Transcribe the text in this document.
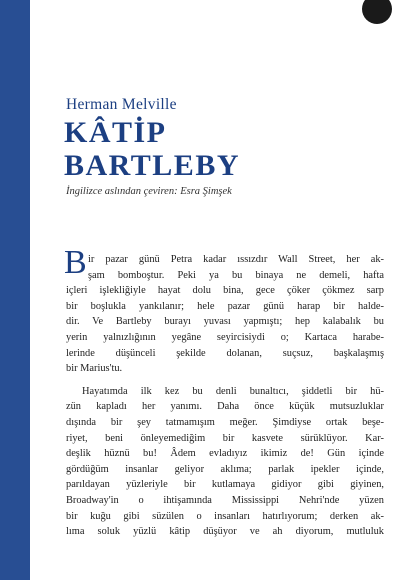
Herman Melville
KÂTİP
BARTLEBY
İngilizce aslından çeviren: Esra Şimşek
B ir pazar günü Petra kadar ıssızdır Wall Street, her ak-
şam bomboştur. Peki ya bu binaya ne demeli, hafta
içleri işlekliğiyle hayat dolu bina, gece çöker çökmez sarp
bir boşlukla yankılanır; hele pazar günü harap bir halde-
dir. Ve Bartleby burayı yuvası yapmıştı; hep kalabalık bu
yerin yalnızlığının yegâne seyircisiydi o; Kartaca harabe-
lerinde düşünceli şekilde dolanan, suçsuz, başkalaşmış
bir Marius'tu.
Hayatımda ilk kez bu denli bunaltıcı, şiddetli bir hü-
zün kapladı her yanımı. Daha önce küçük mutsuzluklar
dışında bir şey tatmamışım meğer. Şimdiyse ortak beşe-
riyet, beni önleyemediğim bir kasvete sürüklüyor. Kar-
deşlik hüznü bu! Âdem evladıyız ikimiz de! Gün içinde
gördüğüm insanlar geliyor aklıma; parlak ipekler içinde,
parıldayan yüzleriyle bir kutlamaya gidiyor gibi giyinen,
Broadway'in o ihtişamında Mississippi Nehri'nde yüzen
bir kuğu gibi süzülen o insanları hatırlıyorum; derken ak-
lıma soluk yüzlü kâtip düşüyor ve ah diyorum, mutluluk
